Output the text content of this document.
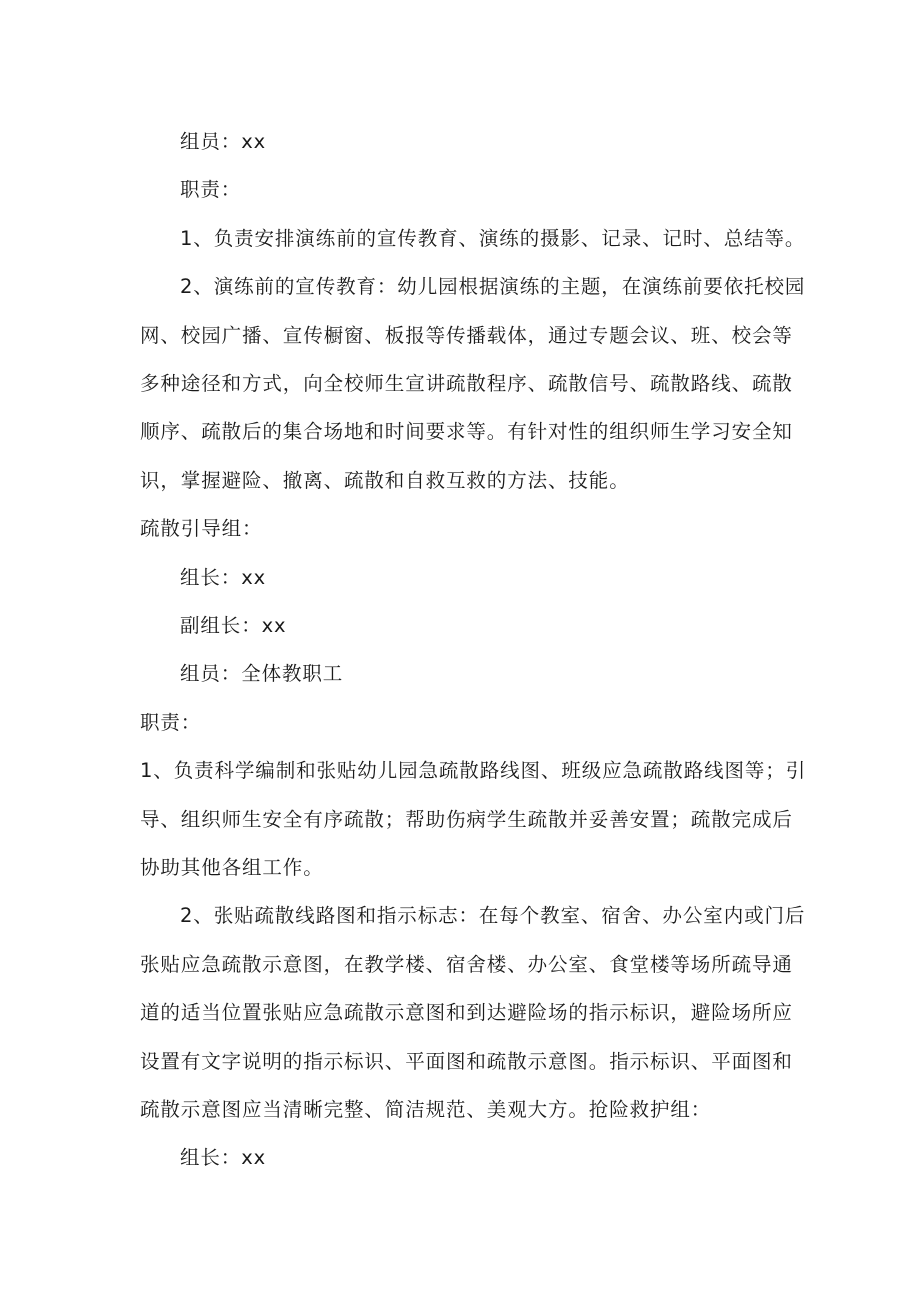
组员：xx
职责：
1、负责安排演练前的宣传教育、演练的摄影、记录、记时、总结等。
2、演练前的宣传教育：幼儿园根据演练的主题，在演练前要依托校园
网、校园广播、宣传橱窗、板报等传播载体，通过专题会议、班、校会等
多种途径和方式，向全校师生宣讲疏散程序、疏散信号、疏散路线、疏散
顺序、疏散后的集合场地和时间要求等。有针对性的组织师生学习安全知
识，掌握避险、撤离、疏散和自救互救的方法、技能。
疏散引导组：
组长：xx
副组长：xx
组员：全体教职工
职责：
1、负责科学编制和张贴幼儿园急疏散路线图、班级应急疏散路线图等；引
导、组织师生安全有序疏散；帮助伤病学生疏散并妥善安置；疏散完成后
协助其他各组工作。
2、张贴疏散线路图和指示标志：在每个教室、宿舍、办公室内或门后
张贴应急疏散示意图，在教学楼、宿舍楼、办公室、食堂楼等场所疏导通
道的适当位置张贴应急疏散示意图和到达避险场的指示标识，避险场所应
设置有文字说明的指示标识、平面图和疏散示意图。指示标识、平面图和
疏散示意图应当清晰完整、简洁规范、美观大方。抢险救护组：
组长：xx
